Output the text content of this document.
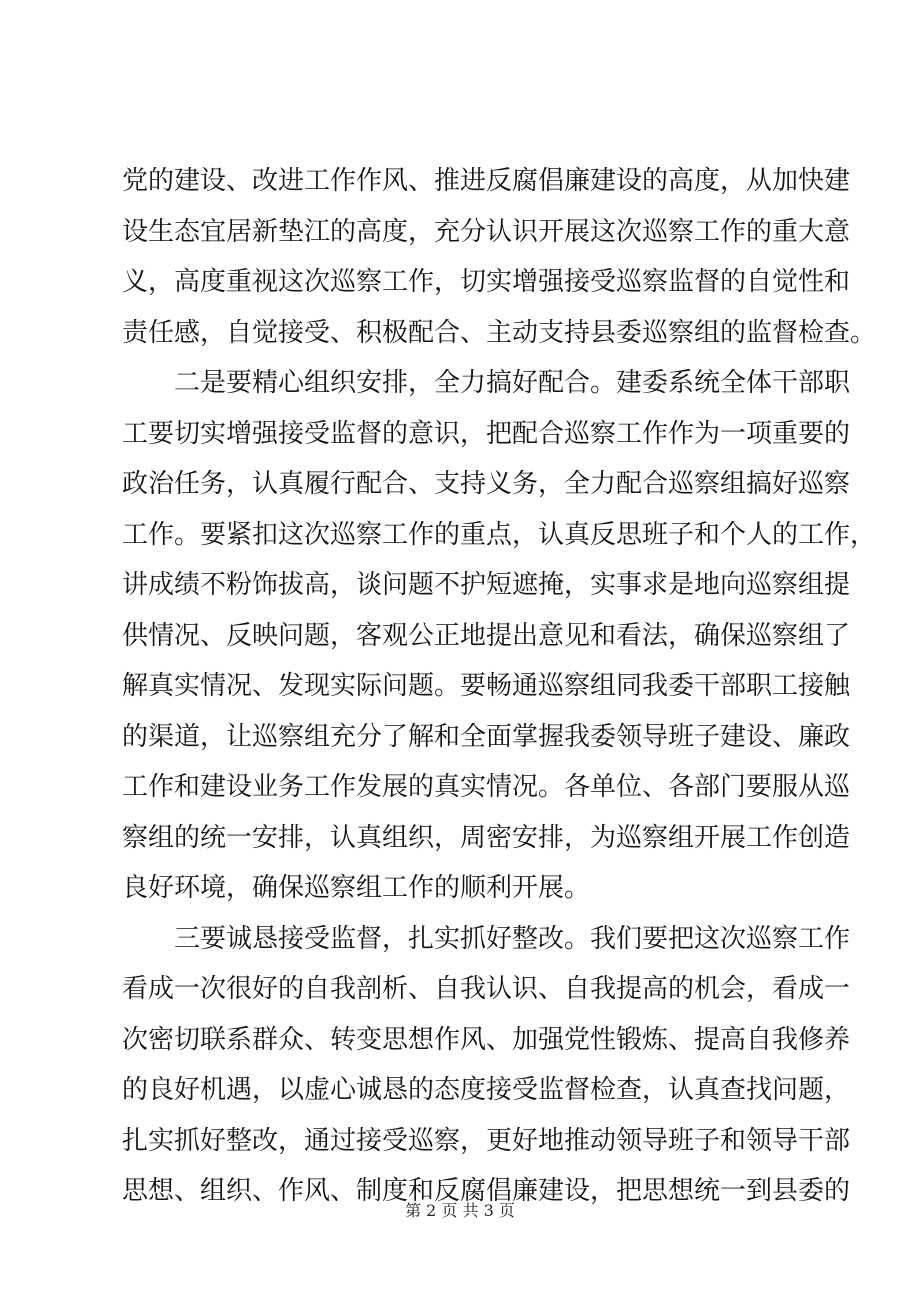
党的建设、改进工作作风、推进反腐倡廉建设的高度，从加快建
设生态宜居新垫江的高度，充分认识开展这次巡察工作的重大意
义，高度重视这次巡察工作，切实增强接受巡察监督的自觉性和
责任感，自觉接受、积极配合、主动支持县委巡察组的监督检查。
　　二是要精心组织安排，全力搞好配合。建委系统全体干部职
工要切实增强接受监督的意识，把配合巡察工作作为一项重要的
政治任务，认真履行配合、支持义务，全力配合巡察组搞好巡察
工作。要紧扣这次巡察工作的重点，认真反思班子和个人的工作，
讲成绩不粉饰拔高，谈问题不护短遮掩，实事求是地向巡察组提
供情况、反映问题，客观公正地提出意见和看法，确保巡察组了
解真实情况、发现实际问题。要畅通巡察组同我委干部职工接触
的渠道，让巡察组充分了解和全面掌握我委领导班子建设、廉政
工作和建设业务工作发展的真实情况。各单位、各部门要服从巡
察组的统一安排，认真组织，周密安排，为巡察组开展工作创造
良好环境，确保巡察组工作的顺利开展。
　　三要诚恳接受监督，扎实抓好整改。我们要把这次巡察工作
看成一次很好的自我剖析、自我认识、自我提高的机会，看成一
次密切联系群众、转变思想作风、加强党性锻炼、提高自我修养
的良好机遇，以虚心诚恳的态度接受监督检查，认真查找问题，
扎实抓好整改，通过接受巡察，更好地推动领导班子和领导干部
思想、组织、作风、制度和反腐倡廉建设，把思想统一到县委的
第 2 页 共 3 页
